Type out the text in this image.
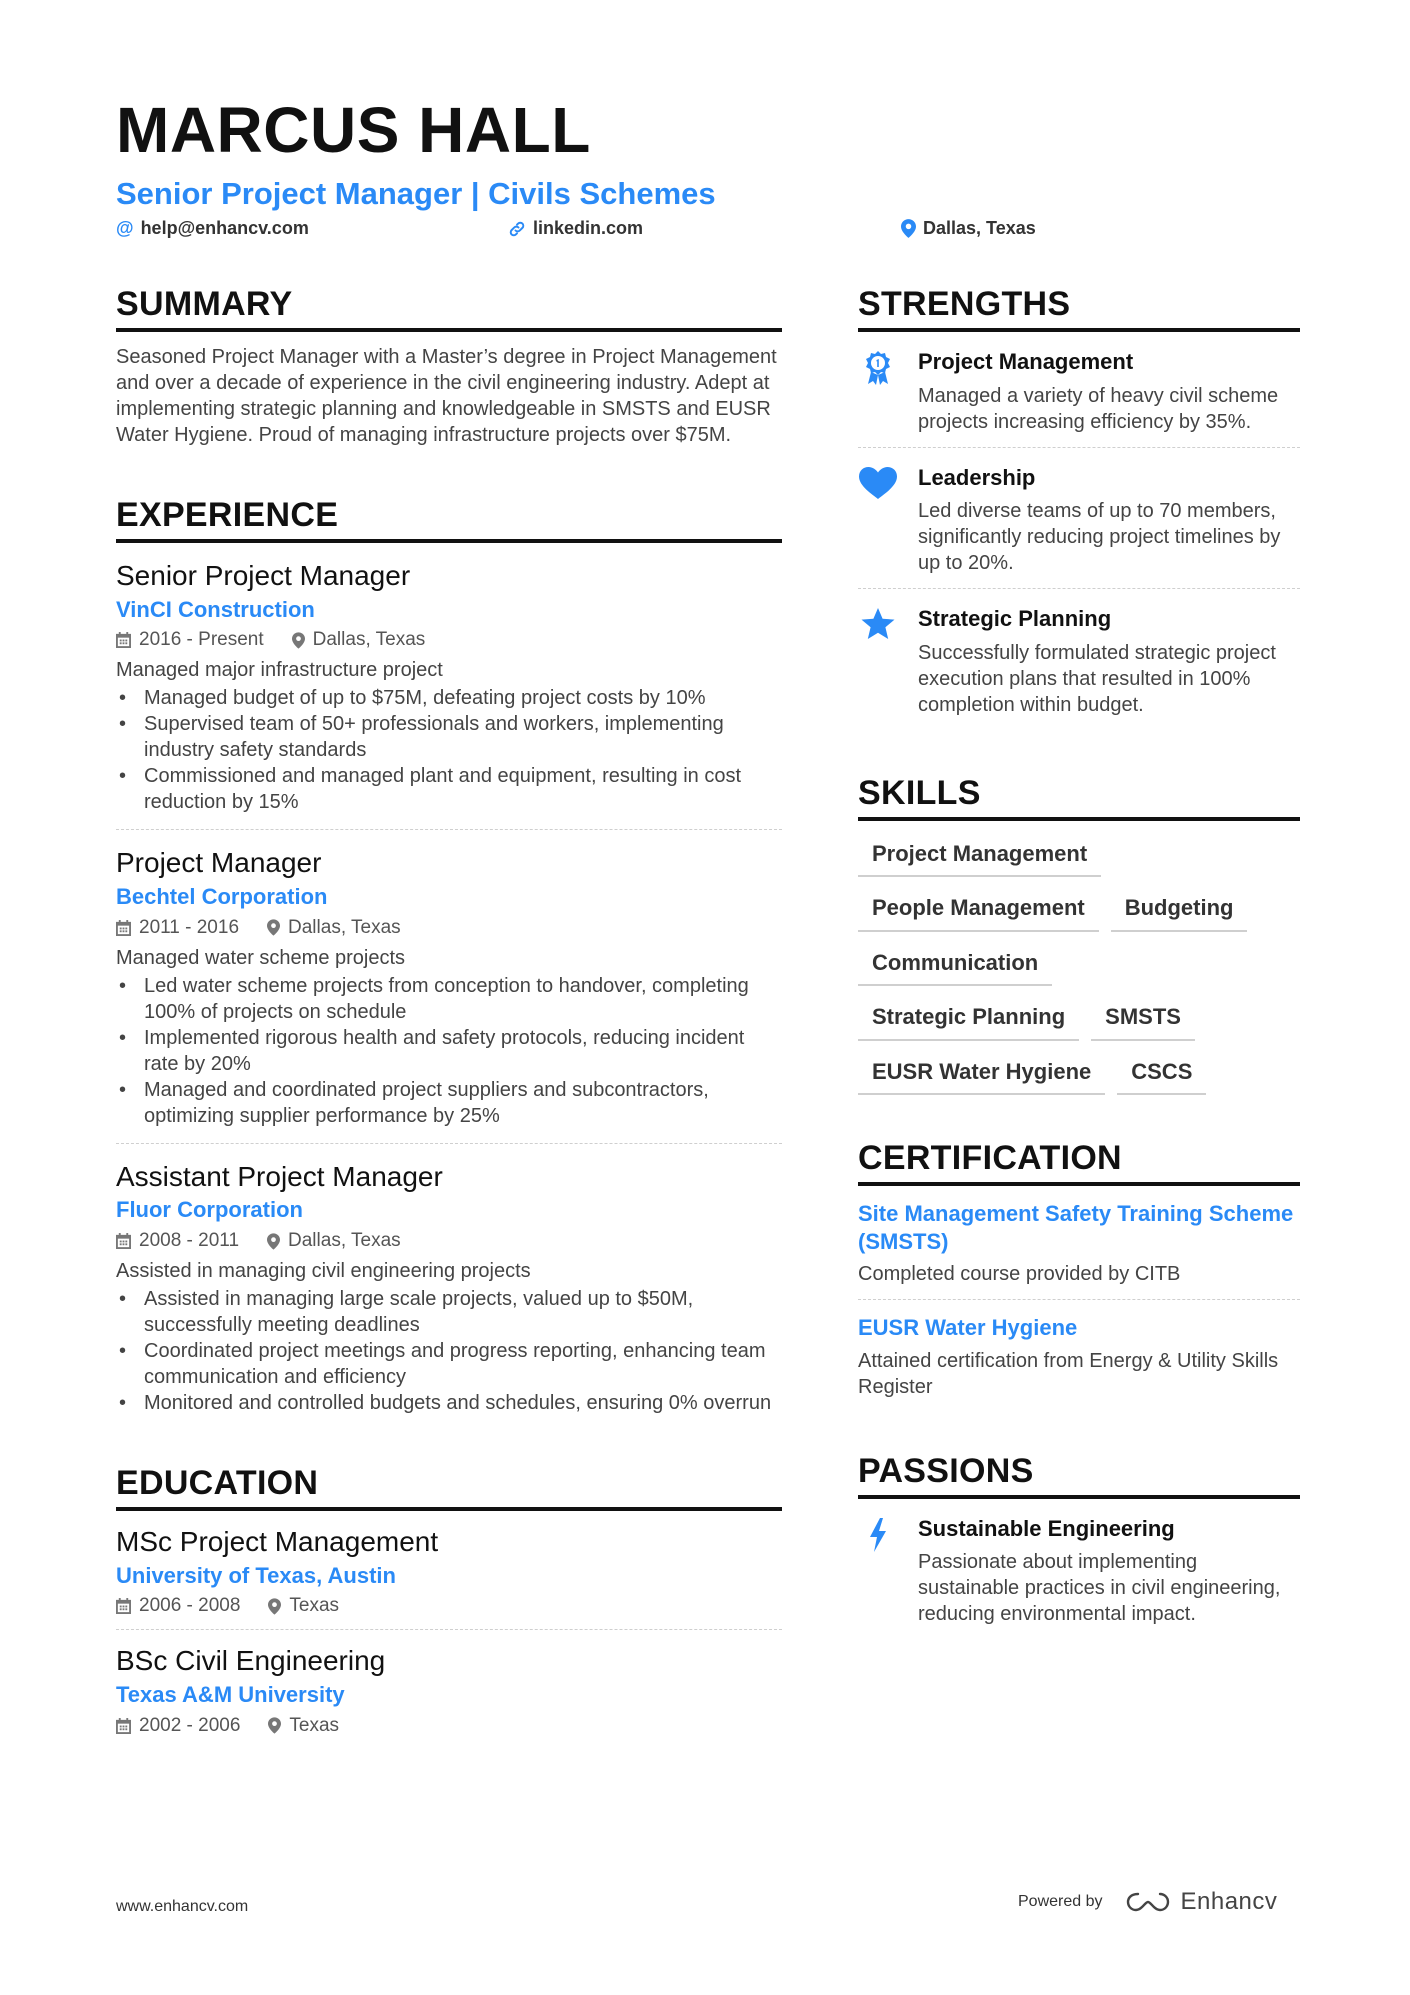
MARCUS HALL
Senior Project Manager | Civils Schemes
@ help@enhancv.com	linkedin.com	Dallas, Texas
SUMMARY
Seasoned Project Manager with a Master’s degree in Project Management and over a decade of experience in the civil engineering industry. Adept at implementing strategic planning and knowledgeable in SMSTS and EUSR Water Hygiene. Proud of managing infrastructure projects over $75M.
EXPERIENCE
Senior Project Manager
VinCI Construction
2016 - Present	Dallas, Texas
Managed major infrastructure project
• Managed budget of up to $75M, defeating project costs by 10%
• Supervised team of 50+ professionals and workers, implementing industry safety standards
• Commissioned and managed plant and equipment, resulting in cost reduction by 15%
Project Manager
Bechtel Corporation
2011 - 2016	Dallas, Texas
Managed water scheme projects
• Led water scheme projects from conception to handover, completing 100% of projects on schedule
• Implemented rigorous health and safety protocols, reducing incident rate by 20%
• Managed and coordinated project suppliers and subcontractors, optimizing supplier performance by 25%
Assistant Project Manager
Fluor Corporation
2008 - 2011	Dallas, Texas
Assisted in managing civil engineering projects
• Assisted in managing large scale projects, valued up to $50M, successfully meeting deadlines
• Coordinated project meetings and progress reporting, enhancing team communication and efficiency
• Monitored and controlled budgets and schedules, ensuring 0% overrun
EDUCATION
MSc Project Management
University of Texas, Austin
2006 - 2008	Texas
BSc Civil Engineering
Texas A&M University
2002 - 2006	Texas
STRENGTHS
Project Management
Managed a variety of heavy civil scheme projects increasing efficiency by 35%.
Leadership
Led diverse teams of up to 70 members, significantly reducing project timelines by up to 20%.
Strategic Planning
Successfully formulated strategic project execution plans that resulted in 100% completion within budget.
SKILLS
Project Management
People Management	Budgeting
Communication
Strategic Planning	SMSTS
EUSR Water Hygiene	CSCS
CERTIFICATION
Site Management Safety Training Scheme (SMSTS)
Completed course provided by CITB
EUSR Water Hygiene
Attained certification from Energy & Utility Skills Register
PASSIONS
Sustainable Engineering
Passionate about implementing sustainable practices in civil engineering, reducing environmental impact.
www.enhancv.com	Powered by	Enhancv
